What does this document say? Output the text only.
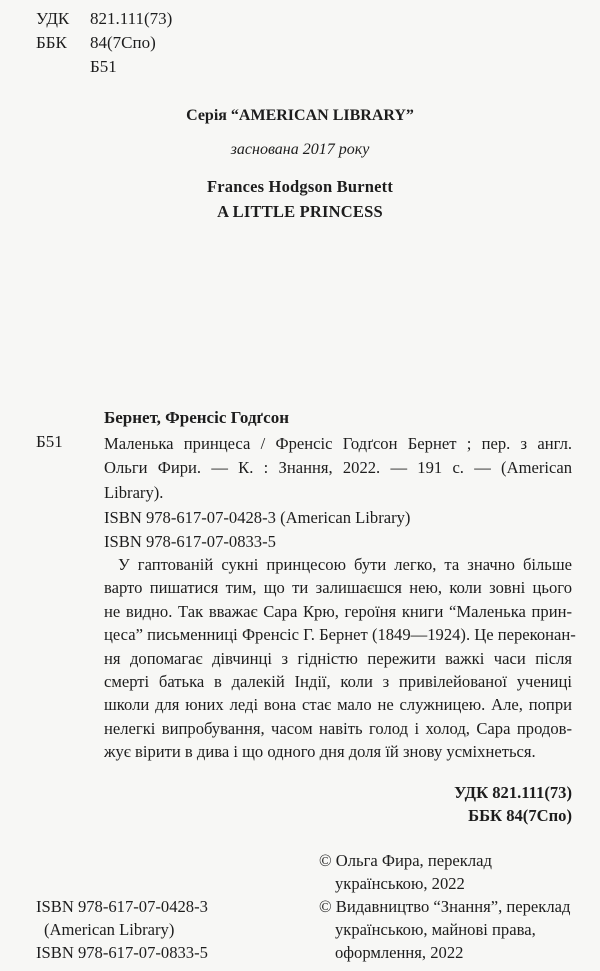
УДК 821.111(73)
ББК 84(7Спо)
Б51
Серія “AMERICAN LIBRARY”
заснована 2017 року
Frances Hodgson Burnett
A LITTLE PRINCESS
Бернет, Френсіс Годґсон
Б51 Маленька принцеса / Френсіс Годґсон Бернет ; пер. з англ.
Ольги Фири. — К. : Знання, 2022. — 191 с. — (American
Library).
ISBN 978-617-07-0428-3 (American Library)
ISBN 978-617-07-0833-5
У гаптованій сукні принцесою бути легко, та значно більше
варто пишатися тим, що ти залишаєшся нею, коли зовні цього
не видно. Так вважає Сара Крю, героїня книги “Маленька прин-
цеса” письменниці Френсіс Г. Бернет (1849—1924). Це переконан-
ня допомагає дівчинці з гідністю пережити важкі часи після
смерті батька в далекій Індії, коли з привілейованої учениці
школи для юних леді вона стає мало не служницею. Але, попри
нелегкі випробування, часом навіть голод і холод, Сара продов-
жує вірити в дива і що одного дня доля їй знову усміхнеться.
УДК 821.111(73)
ББК 84(7Спо)
© Ольга Фира, переклад
українською, 2022
© Видавництво “Знання”, переклад
українською, майнові права,
оформлення, 2022
ISBN 978-617-07-0428-3
(American Library)
ISBN 978-617-07-0833-5
